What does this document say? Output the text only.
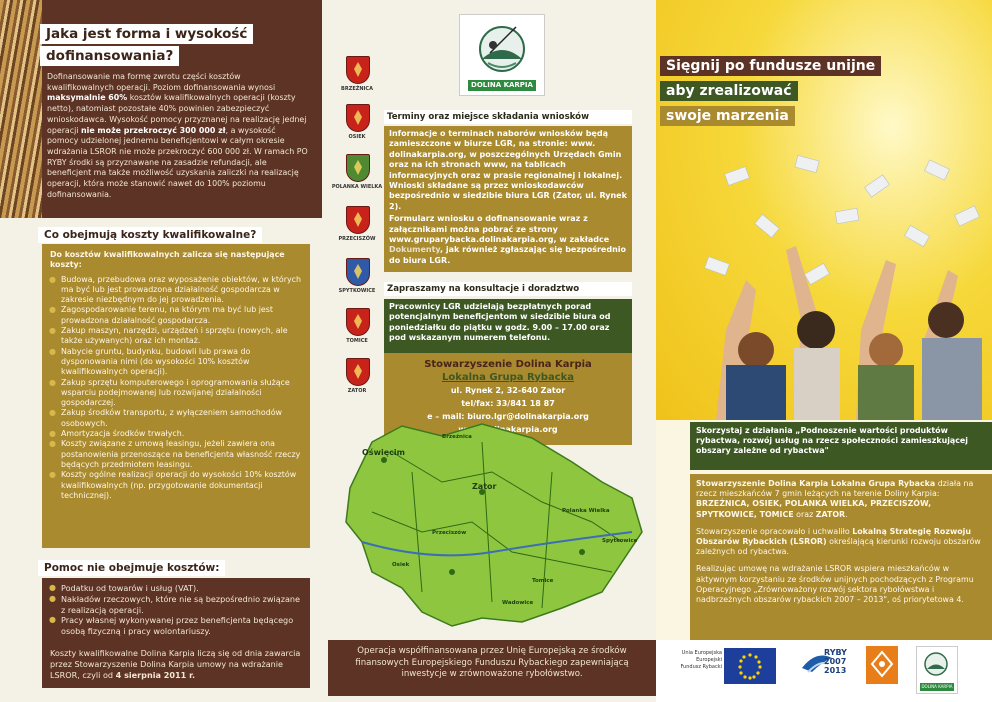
Jaka jest forma i wysokość
dofinansowania?
Dofinansowanie ma formę zwrotu części kosztów kwalifikowalnych operacji. Poziom dofinansowania wynosi maksymalnie 60% kosztów kwalifikowalnych operacji (koszty netto), natomiast pozostałe 40% powinien zabezpieczyć wnioskodawca. Wysokość pomocy przyznanej na realizację jednej operacji nie może przekroczyć 300 000 zł, a wysokość pomocy udzielonej jednemu beneficjentowi w całym okresie wdrażania LSROR nie może przekroczyć 600 000 zł. W ramach PO RYBY środki są przyznawane na zasadzie refundacji, ale beneficjent ma także możliwość uzyskania zaliczki na realizację operacji, która może stanowić nawet do 100% poziomu dofinansowania.
Co obejmują koszty kwalifikowalne?
Do kosztów kwalifikowalnych zalicza się następujące koszty:
● Budowa, przebudowa oraz wyposażenie obiektów, w których ma być lub jest prowadzona działalność gospodarcza w zakresie niezbędnym do jej prowadzenia.
● Zagospodarowanie terenu, na którym ma być lub jest prowadzona działalność gospodarcza.
● Zakup maszyn, narzędzi, urządzeń i sprzętu (nowych, ale także używanych) oraz ich montaż.
● Nabycie gruntu, budynku, budowli lub prawa do dysponowania nimi (do wysokości 10% kosztów kwalifikowalnych operacji).
● Zakup sprzętu komputerowego i oprogramowania służące wsparciu podejmowanej lub rozwijanej działalności gospodarczej.
● Zakup środków transportu, z wyłączeniem samochodów osobowych.
● Amortyzacja środków trwałych.
● Koszty związane z umową leasingu, jeżeli zawiera ona postanowienia przenoszące na beneficjenta własność rzeczy będących przedmiotem leasingu.
● Koszty ogólne realizacji operacji do wysokości 10% kosztów kwalifikowalnych (np. przygotowanie dokumentacji technicznej).
Pomoc nie obejmuje kosztów:
● Podatku od towarów i usług (VAT).
● Nakładów rzeczowych, które nie są bezpośrednio związane z realizacją operacji.
● Pracy własnej wykonywanej przez beneficjenta będącego osobą fizyczną i pracy wolontariuszy.
Koszty kwalifikowalne Dolina Karpia liczą się od dnia zawarcia przez Stowarzyszenie Dolina Karpia umowy na wdrażanie LSROR, czyli od 4 sierpnia 2011 r.
DOLINA KARPIA
BRZEŹNICA
OSIEK
POLANKA WIELKA
PRZECISZÓW
SPYTKOWICE
TOMICE
ZATOR
Terminy oraz miejsce składania wniosków
Informacje o terminach naborów wniosków będą zamieszczone w biurze LGR, na stronie: www. dolinakarpia.org, w poszczególnych Urzędach Gmin oraz na ich stronach www, na tablicach informacyjnych oraz w prasie regionalnej i lokalnej. Wnioski składane są przez wnioskodawców bezpośrednio w siedzibie biura LGR (Zator, ul. Rynek 2).
Formularz wniosku o dofinansowanie wraz z załącznikami można pobrać ze strony www.gruparybacka.dolinakarpia.org, w zakładce Dokumenty, jak również zgłaszając się bezpośrednio do biura LGR.
Zapraszamy na konsultacje i doradztwo
Pracownicy LGR udzielają bezpłatnych porad potencjalnym beneficjentom w siedzibie biura od poniedziałku do piątku w godz. 9.00 – 17.00 oraz pod wskazanym numerem telefonu.
Stowarzyszenie Dolina Karpia
Lokalna Grupa Rybacka
ul. Rynek 2, 32-640 Zator
tel/fax: 33/841 18 87
e – mail: biuro.lgr@dolinakarpia.org
www.dolinakarpia.org
Oświęcim
Zator
Brzeźnica
Spytkowice
Tomice
Osiek
Polanka Wielka
Przeciszów
Wadowice
Operacja współfinansowana przez Unię Europejską ze środków finansowych Europejskiego Funduszu Rybackiego zapewniającą inwestycje w zrównoważone rybołówstwo.
Sięgnij po fundusze unijne
aby zrealizować
swoje marzenia
Skorzystaj z działania „Podnoszenie wartości produktów rybactwa, rozwój usług na rzecz społeczności zamieszkującej obszary zależne od rybactwa"

Stowarzyszenie Dolina Karpia Lokalna Grupa Rybacka działa na rzecz mieszkańców 7 gmin leżących na terenie Doliny Karpia: BRZEŹNICA, OSIEK, POLANKA WIELKA, PRZECISZÓW, SPYTKOWICE, TOMICE oraz ZATOR.

Stowarzyszenie opracowało i uchwaliło Lokalną Strategię Rozwoju Obszarów Rybackich (LSROR) określającą kierunki rozwoju obszarów zależnych od rybactwa.

Realizując umowę na wdrażanie LSROR wspiera mieszkańców w aktywnym korzystaniu ze środków unijnych pochodzących z Programu Operacyjnego „Zrównoważony rozwój sektora rybołówstwa i nadbrzeżnych obszarów rybackich 2007 – 2013", oś priorytetowa 4.

Unia Europejska Europejski Fundusz Rybacki
RYBY 2007 2013
DOLINA KARPIA
